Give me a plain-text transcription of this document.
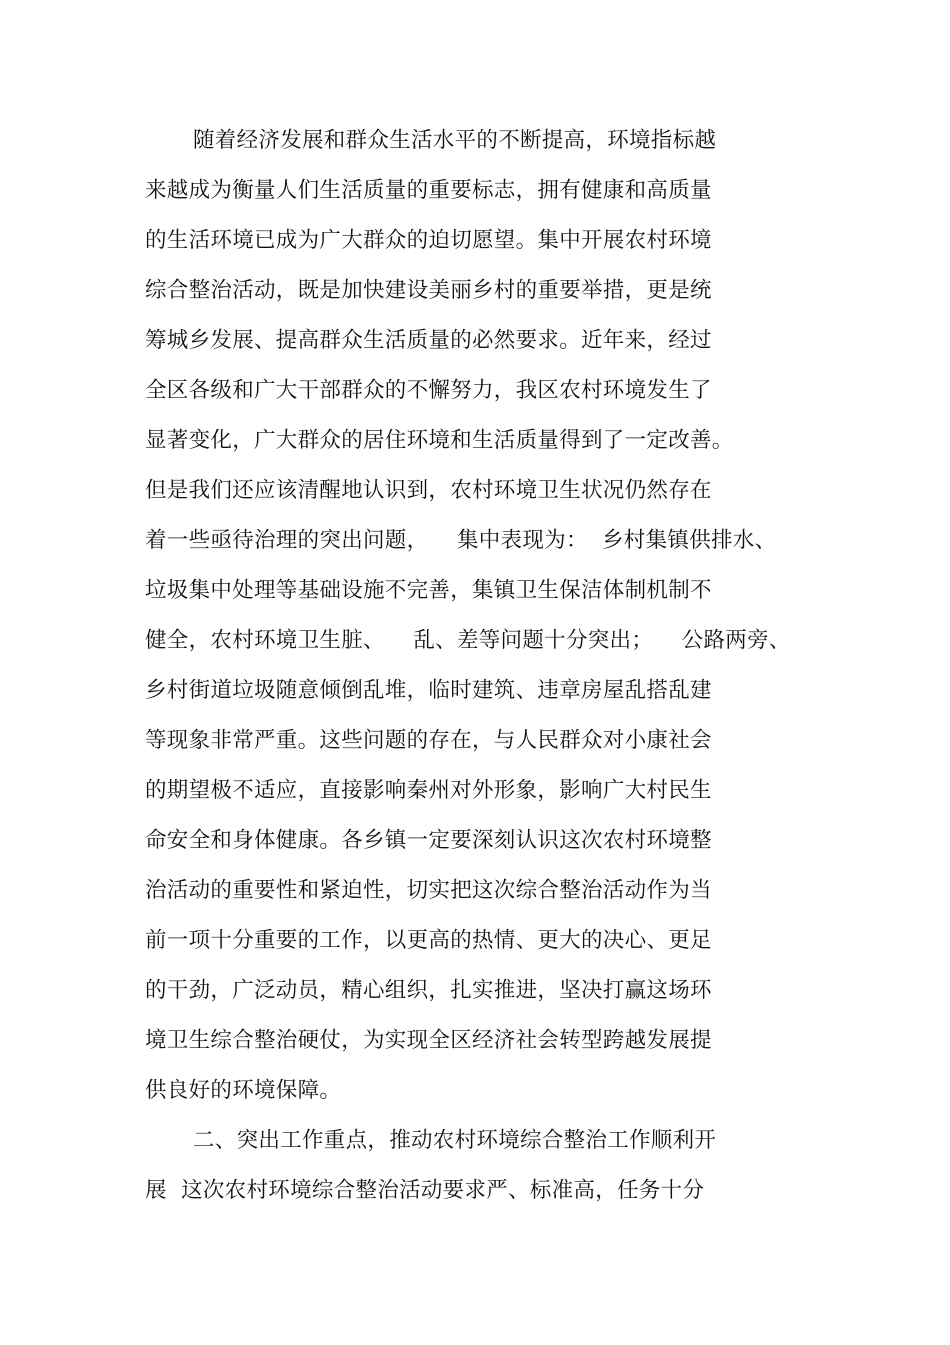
随着经济发展和群众生活水平的不断提高，环境指标越
来越成为衡量人们生活质量的重要标志，拥有健康和高质量
的生活环境已成为广大群众的迫切愿望。集中开展农村环境
综合整治活动，既是加快建设美丽乡村的重要举措，更是统
筹城乡发展、提高群众生活质量的必然要求。近年来，经过
全区各级和广大干部群众的不懈努力，我区农村环境发生了
显著变化，广大群众的居住环境和生活质量得到了一定改善。
但是我们还应该清醒地认识到，农村环境卫生状况仍然存在
着一些亟待治理的突出问题，    集中表现为：  乡村集镇供排水、
垃圾集中处理等基础设施不完善，集镇卫生保洁体制机制不
健全，农村环境卫生脏、    乱、差等问题十分突出；    公路两旁、
乡村街道垃圾随意倾倒乱堆，临时建筑、违章房屋乱搭乱建
等现象非常严重。这些问题的存在，与人民群众对小康社会
的期望极不适应，直接影响秦州对外形象，影响广大村民生
命安全和身体健康。各乡镇一定要深刻认识这次农村环境整
治活动的重要性和紧迫性，切实把这次综合整治活动作为当
前一项十分重要的工作，以更高的热情、更大的决心、更足
的干劲，广泛动员，精心组织，扎实推进，坚决打赢这场环
境卫生综合整治硬仗，为实现全区经济社会转型跨越发展提
供良好的环境保障。
二、突出工作重点，推动农村环境综合整治工作顺利开
展  这次农村环境综合整治活动要求严、标准高，任务十分
